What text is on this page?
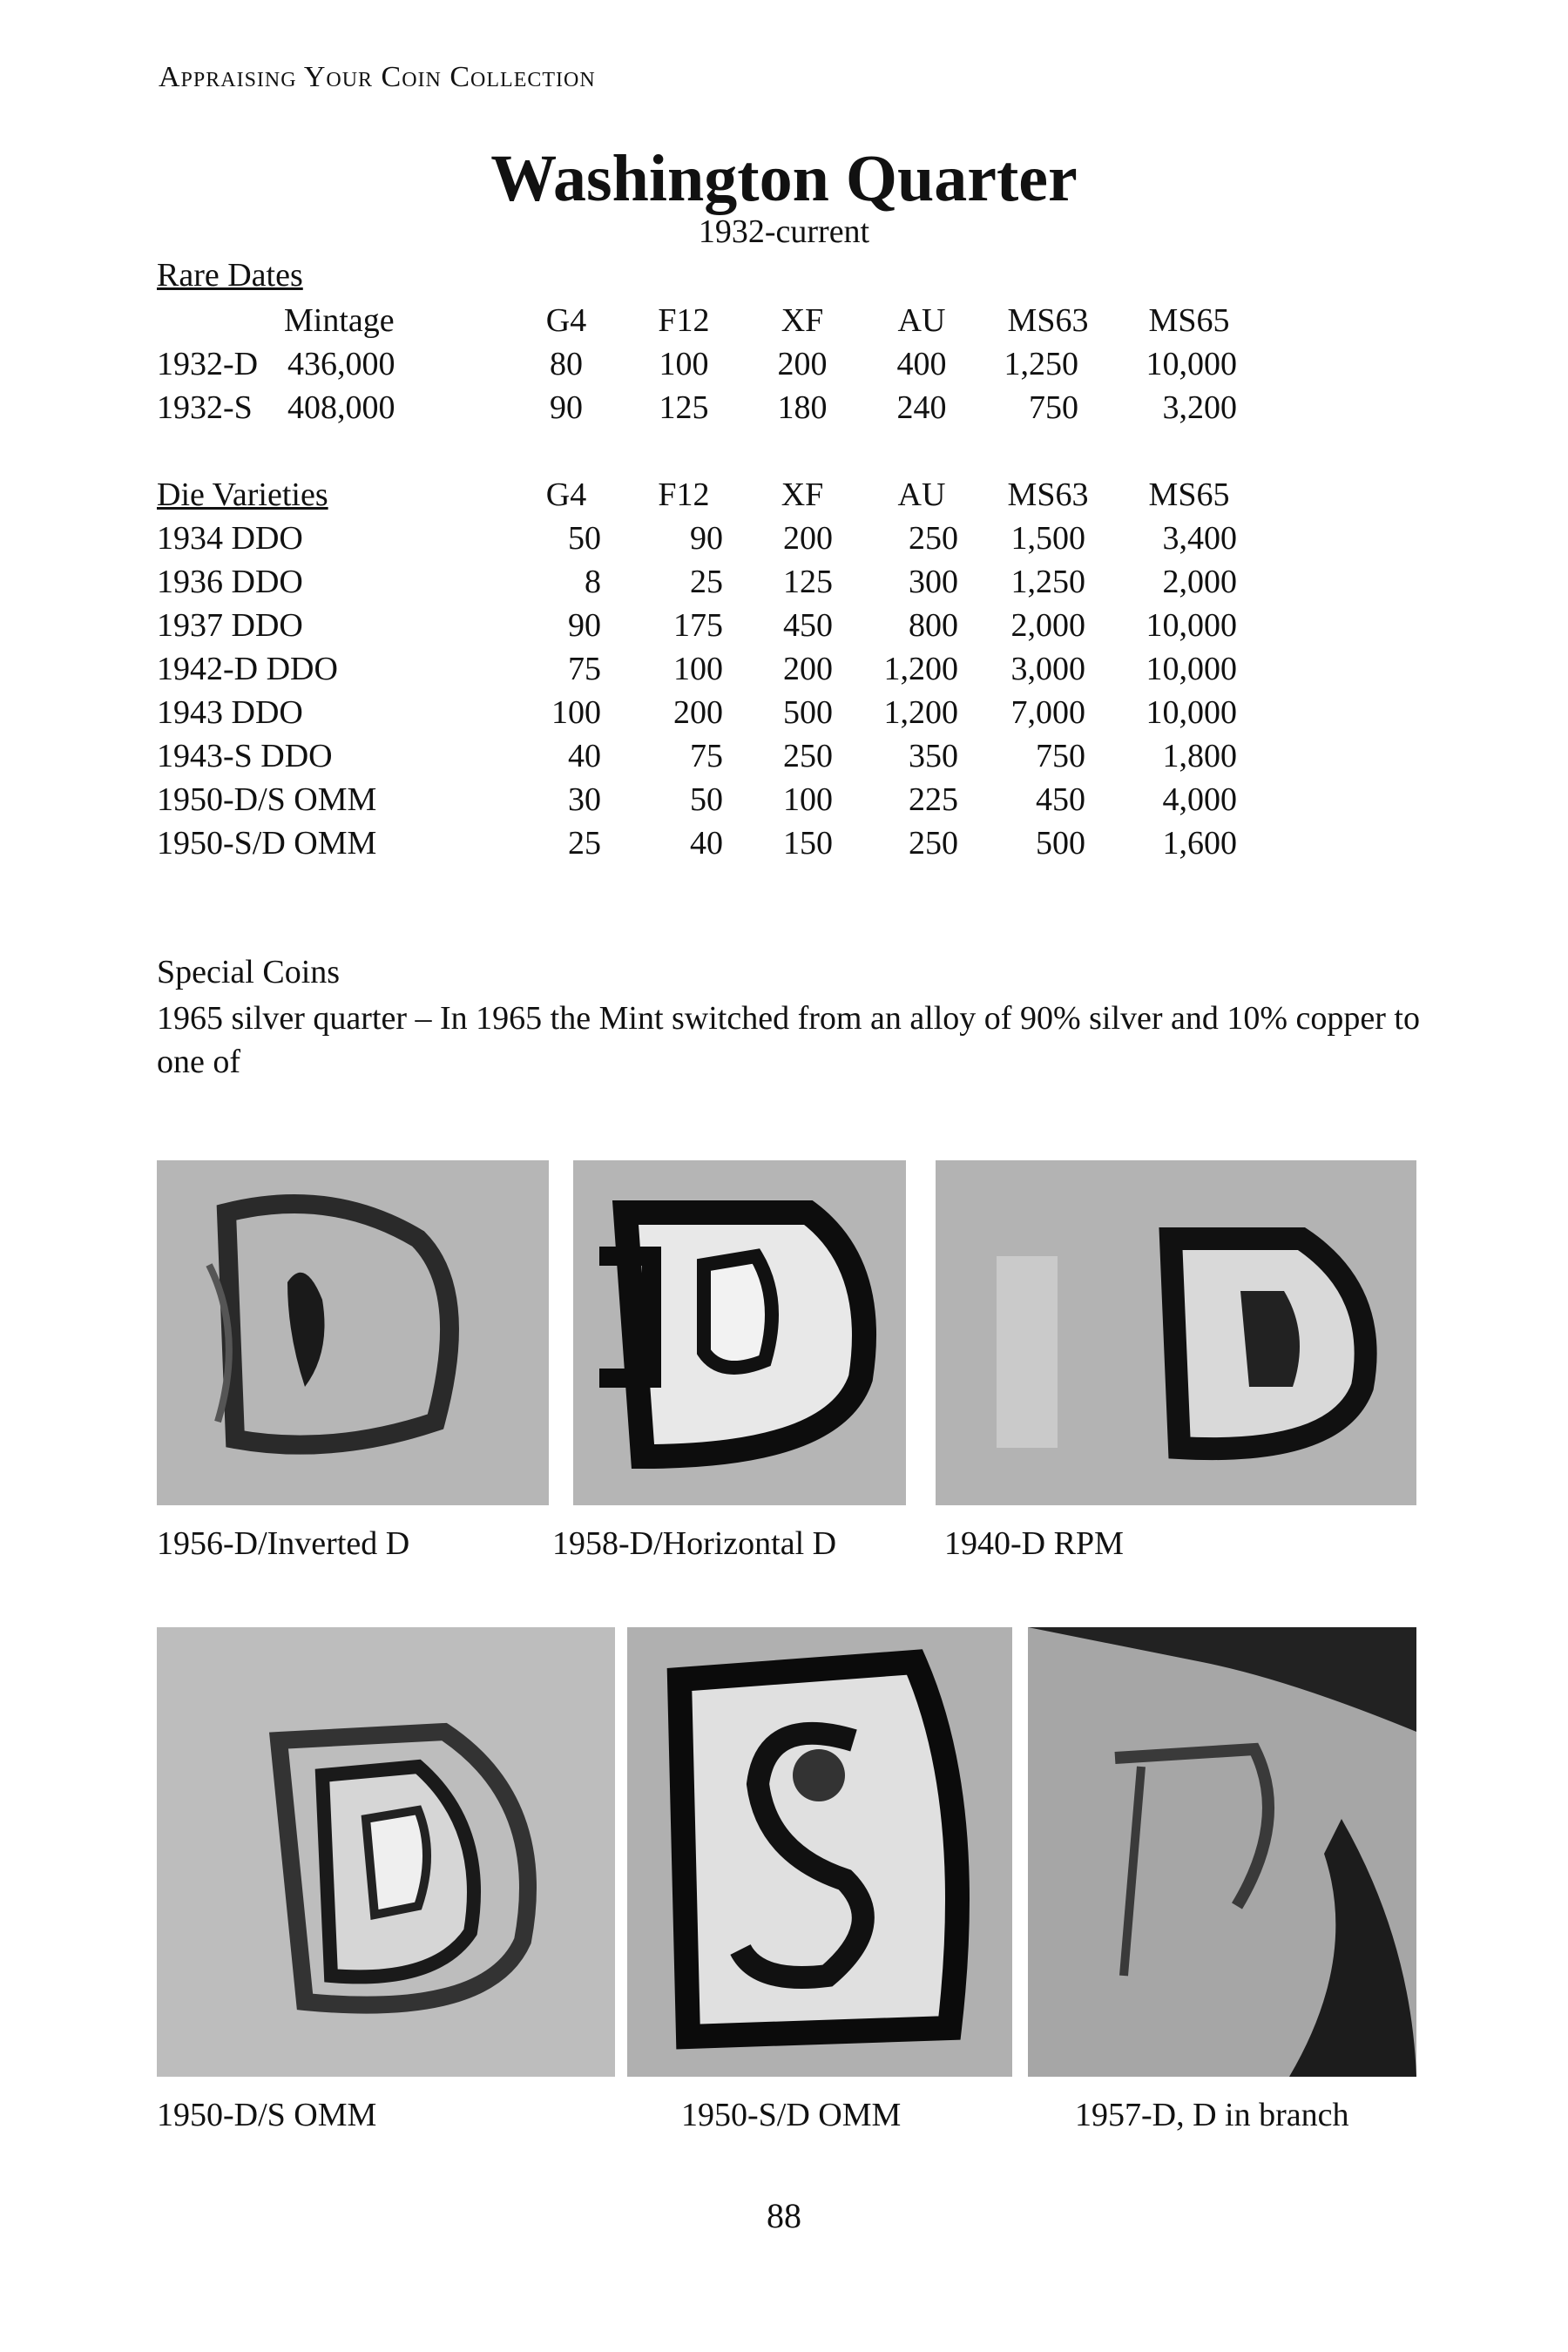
Appraising Your Coin Collection
Washington Quarter
1932-current
Rare Dates
Mintage	G4	F12	XF	AU	MS63	MS65
1932-D 436,000	80	100	200	400	1,250	10,000
1932-S 408,000	90	125	180	240	750	3,200
Die Varieties	G4	F12	XF	AU	MS63	MS65
1934 DDO	50	90	200	250	1,500	3,400
1936 DDO	8	25	125	300	1,250	2,000
1937 DDO	90	175	450	800	2,000	10,000
1942-D DDO	75	100	200	1,200	3,000	10,000
1943 DDO	100	200	500	1,200	7,000	10,000
1943-S DDO	40	75	250	350	750	1,800
1950-D/S OMM	30	50	100	225	450	4,000
1950-S/D OMM	25	40	150	250	500	1,600
Special Coins
1965 silver quarter – In 1965 the Mint switched from an alloy of 90% silver and 10% copper to one of
1956-D/Inverted D	1958-D/Horizontal D	1940-D RPM
1950-D/S OMM	1950-S/D OMM	1957-D, D in branch
88
